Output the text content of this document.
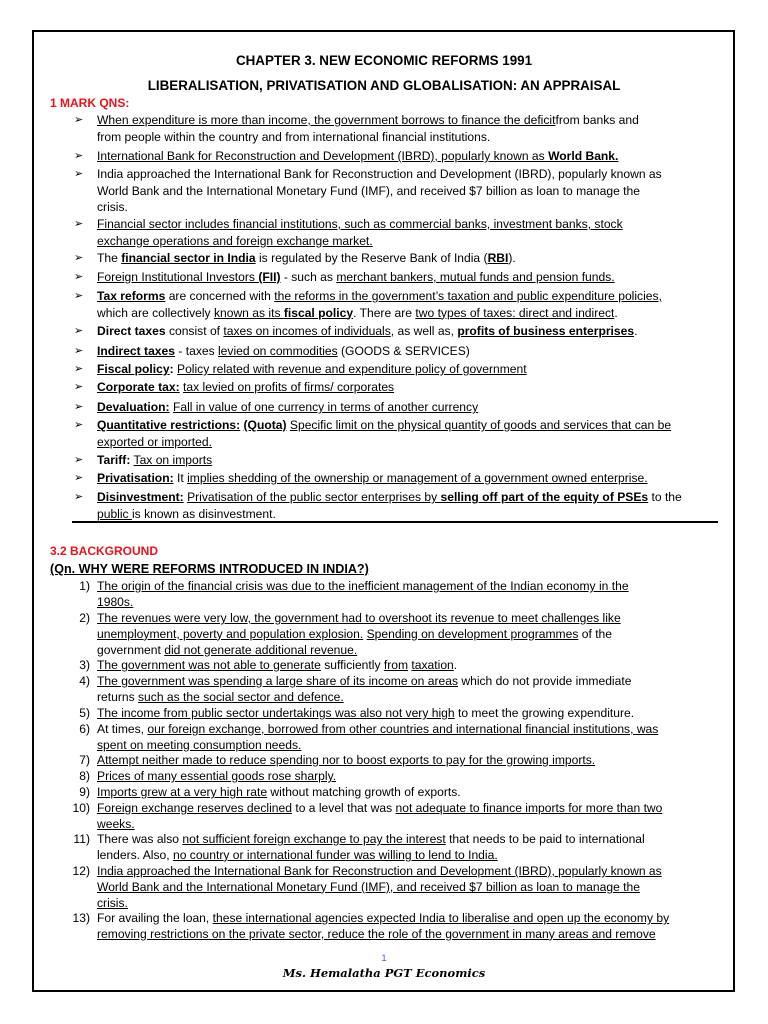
CHAPTER 3. NEW ECONOMIC REFORMS 1991
LIBERALISATION, PRIVATISATION AND GLOBALISATION: AN APPRAISAL
1 MARK QNS:
➢ When expenditure is more than income, the government borrows to finance the deficitfrom banks and
from people within the country and from international financial institutions.
➢ International Bank for Reconstruction and Development (IBRD), popularly known as World Bank.
➢ India approached the International Bank for Reconstruction and Development (IBRD), popularly known as
World Bank and the International Monetary Fund (IMF), and received $7 billion as loan to manage the
crisis.
➢ Financial sector includes financial institutions, such as commercial banks, investment banks, stock
exchange operations and foreign exchange market.
➢ The financial sector in India is regulated by the Reserve Bank of India (RBI).
➢ Foreign Institutional Investors (FII) - such as merchant bankers, mutual funds and pension funds.
➢ Tax reforms are concerned with the reforms in the government’s taxation and public expenditure policies,
which are collectively known as its fiscal policy. There are two types of taxes: direct and indirect.
➢ Direct taxes consist of taxes on incomes of individuals, as well as, profits of business enterprises.
➢ Indirect taxes - taxes levied on commodities (GOODS & SERVICES)
➢ Fiscal policy: Policy related with revenue and expenditure policy of government
➢ Corporate tax: tax levied on profits of firms/ corporates
➢ Devaluation: Fall in value of one currency in terms of another currency
➢ Quantitative restrictions: (Quota) Specific limit on the physical quantity of goods and services that can be
exported or imported.
➢ Tariff: Tax on imports
➢ Privatisation: It implies shedding of the ownership or management of a government owned enterprise.
➢ Disinvestment: Privatisation of the public sector enterprises by selling off part of the equity of PSEs to the
public is known as disinvestment.
3.2 BACKGROUND
(Qn. WHY WERE REFORMS INTRODUCED IN INDIA?)
1) The origin of the financial crisis was due to the inefficient management of the Indian economy in the
1980s.
2) The revenues were very low, the government had to overshoot its revenue to meet challenges like
unemployment, poverty and population explosion. Spending on development programmes of the
government did not generate additional revenue.
3) The government was not able to generate sufficiently from taxation.
4) The government was spending a large share of its income on areas which do not provide immediate
returns such as the social sector and defence.
5) The income from public sector undertakings was also not very high to meet the growing expenditure.
6) At times, our foreign exchange, borrowed from other countries and international financial institutions, was
spent on meeting consumption needs.
7) Attempt neither made to reduce spending nor to boost exports to pay for the growing imports.
8) Prices of many essential goods rose sharply.
9) Imports grew at a very high rate without matching growth of exports.
10) Foreign exchange reserves declined to a level that was not adequate to finance imports for more than two
weeks.
11) There was also not sufficient foreign exchange to pay the interest that needs to be paid to international
lenders. Also, no country or international funder was willing to lend to India.
12) India approached the International Bank for Reconstruction and Development (IBRD), popularly known as
World Bank and the International Monetary Fund (IMF), and received $7 billion as loan to manage the
crisis.
13) For availing the loan, these international agencies expected India to liberalise and open up the economy by
removing restrictions on the private sector, reduce the role of the government in many areas and remove
1
Ms. Hemalatha PGT Economics
